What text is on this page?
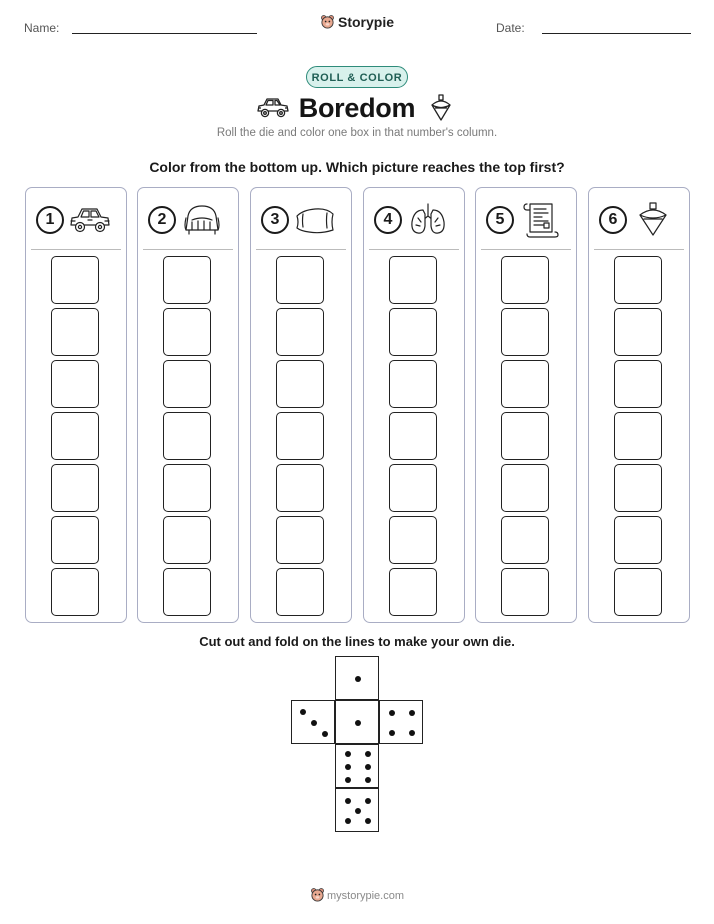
Name:	Storypie	Date:
ROLL & COLOR
Boredom
Roll the die and color one box in that number's column.
Color from the bottom up. Which picture reaches the top first?
1	2	3	4	5	6
Cut out and fold on the lines to make your own die.
mystorypie.com
